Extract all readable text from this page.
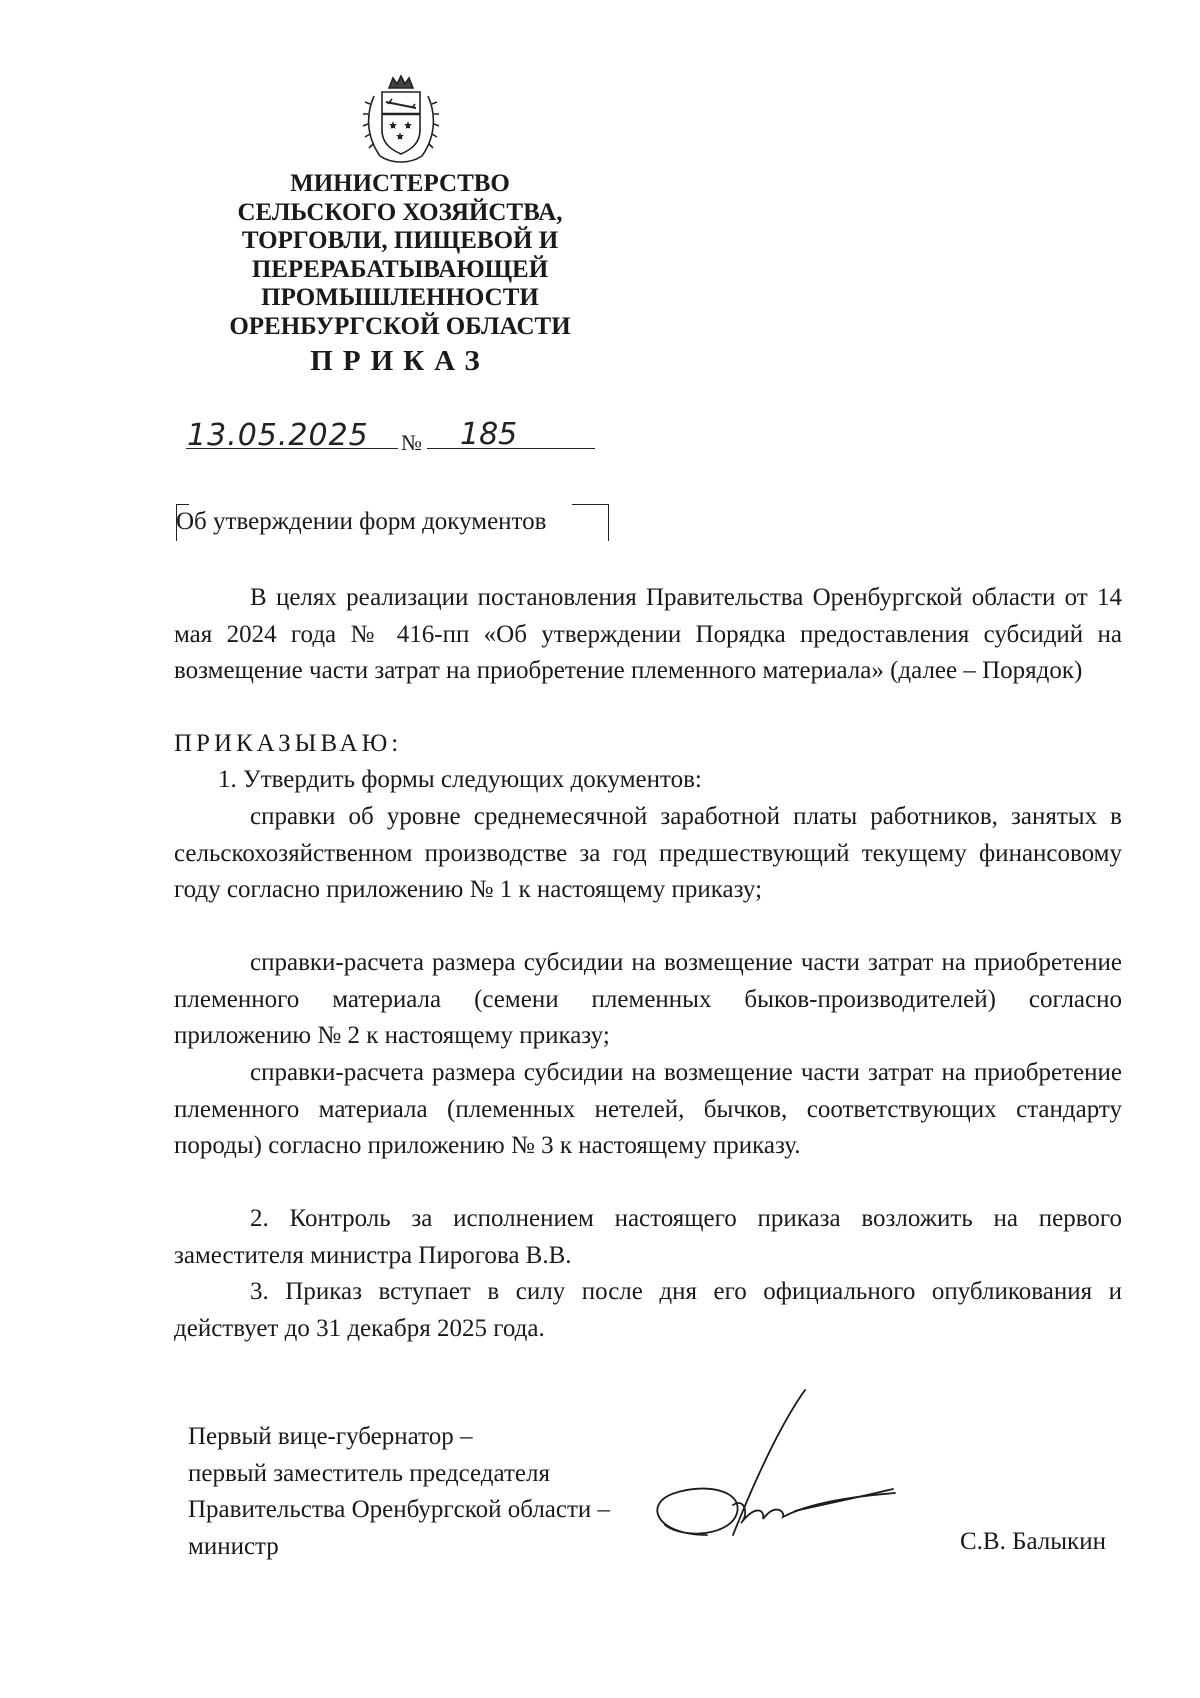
МИНИСТЕРСТВО
СЕЛЬСКОГО ХОЗЯЙСТВА,
ТОРГОВЛИ, ПИЩЕВОЙ И
ПЕРЕРАБАТЫВАЮЩЕЙ
ПРОМЫШЛЕННОСТИ
ОРЕНБУРГСКОЙ ОБЛАСТИ
ПРИКАЗ
13.05.2025 № 185
Об утверждении форм документов

В целях реализации постановления Правительства Оренбургской области от 14 мая 2024 года № 416-пп «Об утверждении Порядка предоставления субсидий на возмещение части затрат на приобретение племенного материала» (далее – Порядок)

ПРИКАЗЫВАЮ:

1. Утвердить формы следующих документов:

справки об уровне среднемесячной заработной платы работников, занятых в сельскохозяйственном производстве за год предшествующий текущему финансовому году согласно приложению № 1 к настоящему приказу;

справки-расчета размера субсидии на возмещение части затрат на приобретение племенного материала (семени племенных быков-производителей) согласно приложению № 2 к настоящему приказу;

справки-расчета размера субсидии на возмещение части затрат на приобретение племенного материала (племенных нетелей, бычков, соответствующих стандарту породы) согласно приложению № 3 к настоящему приказу.

2. Контроль за исполнением настоящего приказа возложить на первого заместителя министра Пирогова В.В.

3. Приказ вступает в силу после дня его официального опубликования и действует до 31 декабря 2025 года.

Первый вице-губернатор –
первый заместитель председателя
Правительства Оренбургской области –
министр	С.В. Балыкин
